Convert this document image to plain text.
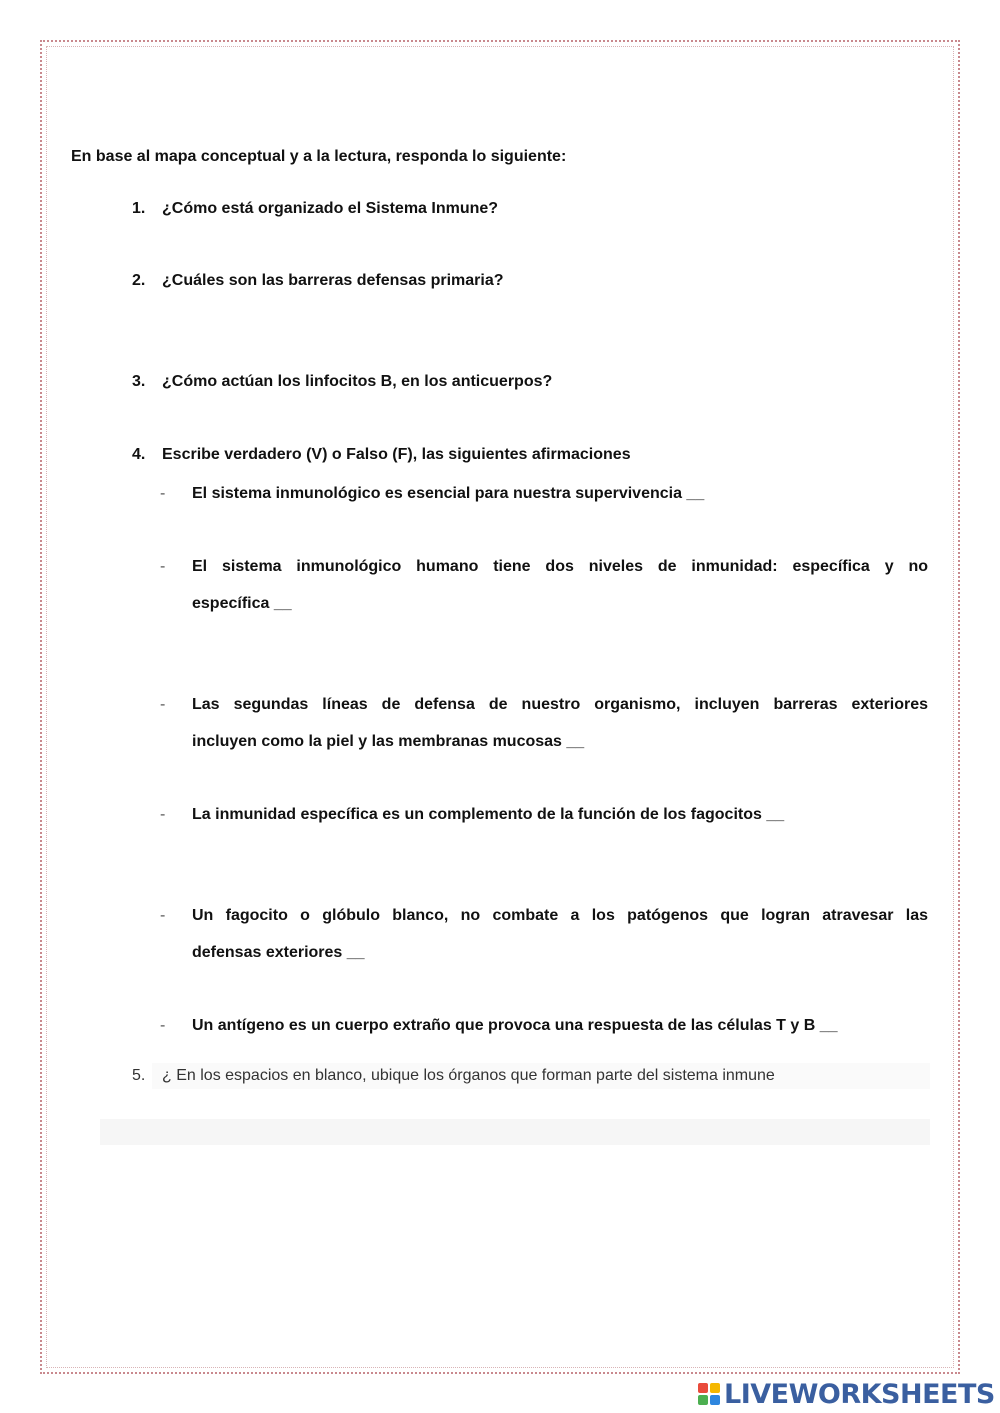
En base al mapa conceptual y a la lectura, responda lo siguiente:
1. ¿Cómo está organizado el Sistema Inmune?
2. ¿Cuáles son las barreras defensas primaria?
3. ¿Cómo actúan los linfocitos B, en los anticuerpos?
4. Escribe verdadero (V) o Falso (F), las siguientes afirmaciones
- El sistema inmunológico es esencial para nuestra supervivencia __
- El sistema inmunológico humano tiene dos niveles de inmunidad: específica y no
específica __
- Las segundas líneas de defensa de nuestro organismo, incluyen barreras exteriores
incluyen como la piel y las membranas mucosas __
- La inmunidad específica es un complemento de la función de los fagocitos __
- Un fagocito o glóbulo blanco, no combate a los patógenos que logran atravesar las
defensas exteriores __
- Un antígeno es un cuerpo extraño que provoca una respuesta de las células T y B __
5. ¿ En los espacios en blanco, ubique los órganos que forman parte del sistema inmune
LIVEWORKSHEETS
